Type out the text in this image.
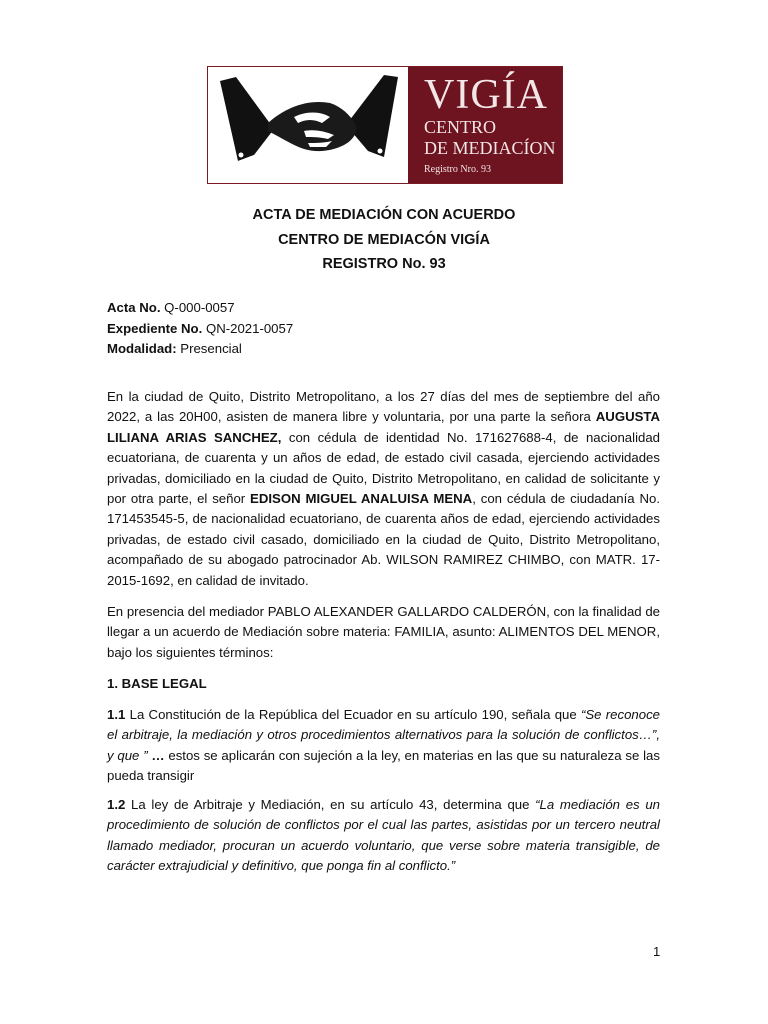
VIGÍA
CENTRO
DE MEDIACÍON
Registro Nro. 93
ACTA DE MEDIACIÓN CON ACUERDO
CENTRO DE MEDIACÓN VIGÍA
REGISTRO No. 93
Acta No. Q-000-0057
Expediente No. QN-2021-0057
Modalidad: Presencial

En la ciudad de Quito, Distrito Metropolitano, a los 27 días del mes de septiembre del año 2022, a las 20H00, asisten de manera libre y voluntaria, por una parte la señora AUGUSTA LILIANA ARIAS SANCHEZ, con cédula de identidad No. 171627688-4, de nacionalidad ecuatoriana, de cuarenta y un años de edad, de estado civil casada, ejerciendo actividades privadas, domiciliado en la ciudad de Quito, Distrito Metropolitano, en calidad de solicitante y por otra parte, el señor EDISON MIGUEL ANALUISA MENA, con cédula de ciudadanía No. 171453545-5, de nacionalidad ecuatoriano, de cuarenta años de edad, ejerciendo actividades privadas, de estado civil casado, domiciliado en la ciudad de Quito, Distrito Metropolitano, acompañado de su abogado patrocinador Ab. WILSON RAMIREZ CHIMBO, con MATR. 17-2015-1692, en calidad de invitado.

En presencia del mediador PABLO ALEXANDER GALLARDO CALDERÓN, con la finalidad de llegar a un acuerdo de Mediación sobre materia: FAMILIA, asunto: ALIMENTOS DEL MENOR, bajo los siguientes términos:

1. BASE LEGAL

1.1 La Constitución de la República del Ecuador en su artículo 190, señala que “Se reconoce el arbitraje, la mediación y otros procedimientos alternativos para la solución de conflictos…”, y que ” … estos se aplicarán con sujeción a la ley, en materias en las que su naturaleza se las pueda transigir

1.2 La ley de Arbitraje y Mediación, en su artículo 43, determina que “La mediación es un procedimiento de solución de conflictos por el cual las partes, asistidas por un tercero neutral llamado mediador, procuran un acuerdo voluntario, que verse sobre materia transigible, de carácter extrajudicial y definitivo, que ponga fin al conflicto.”

1
